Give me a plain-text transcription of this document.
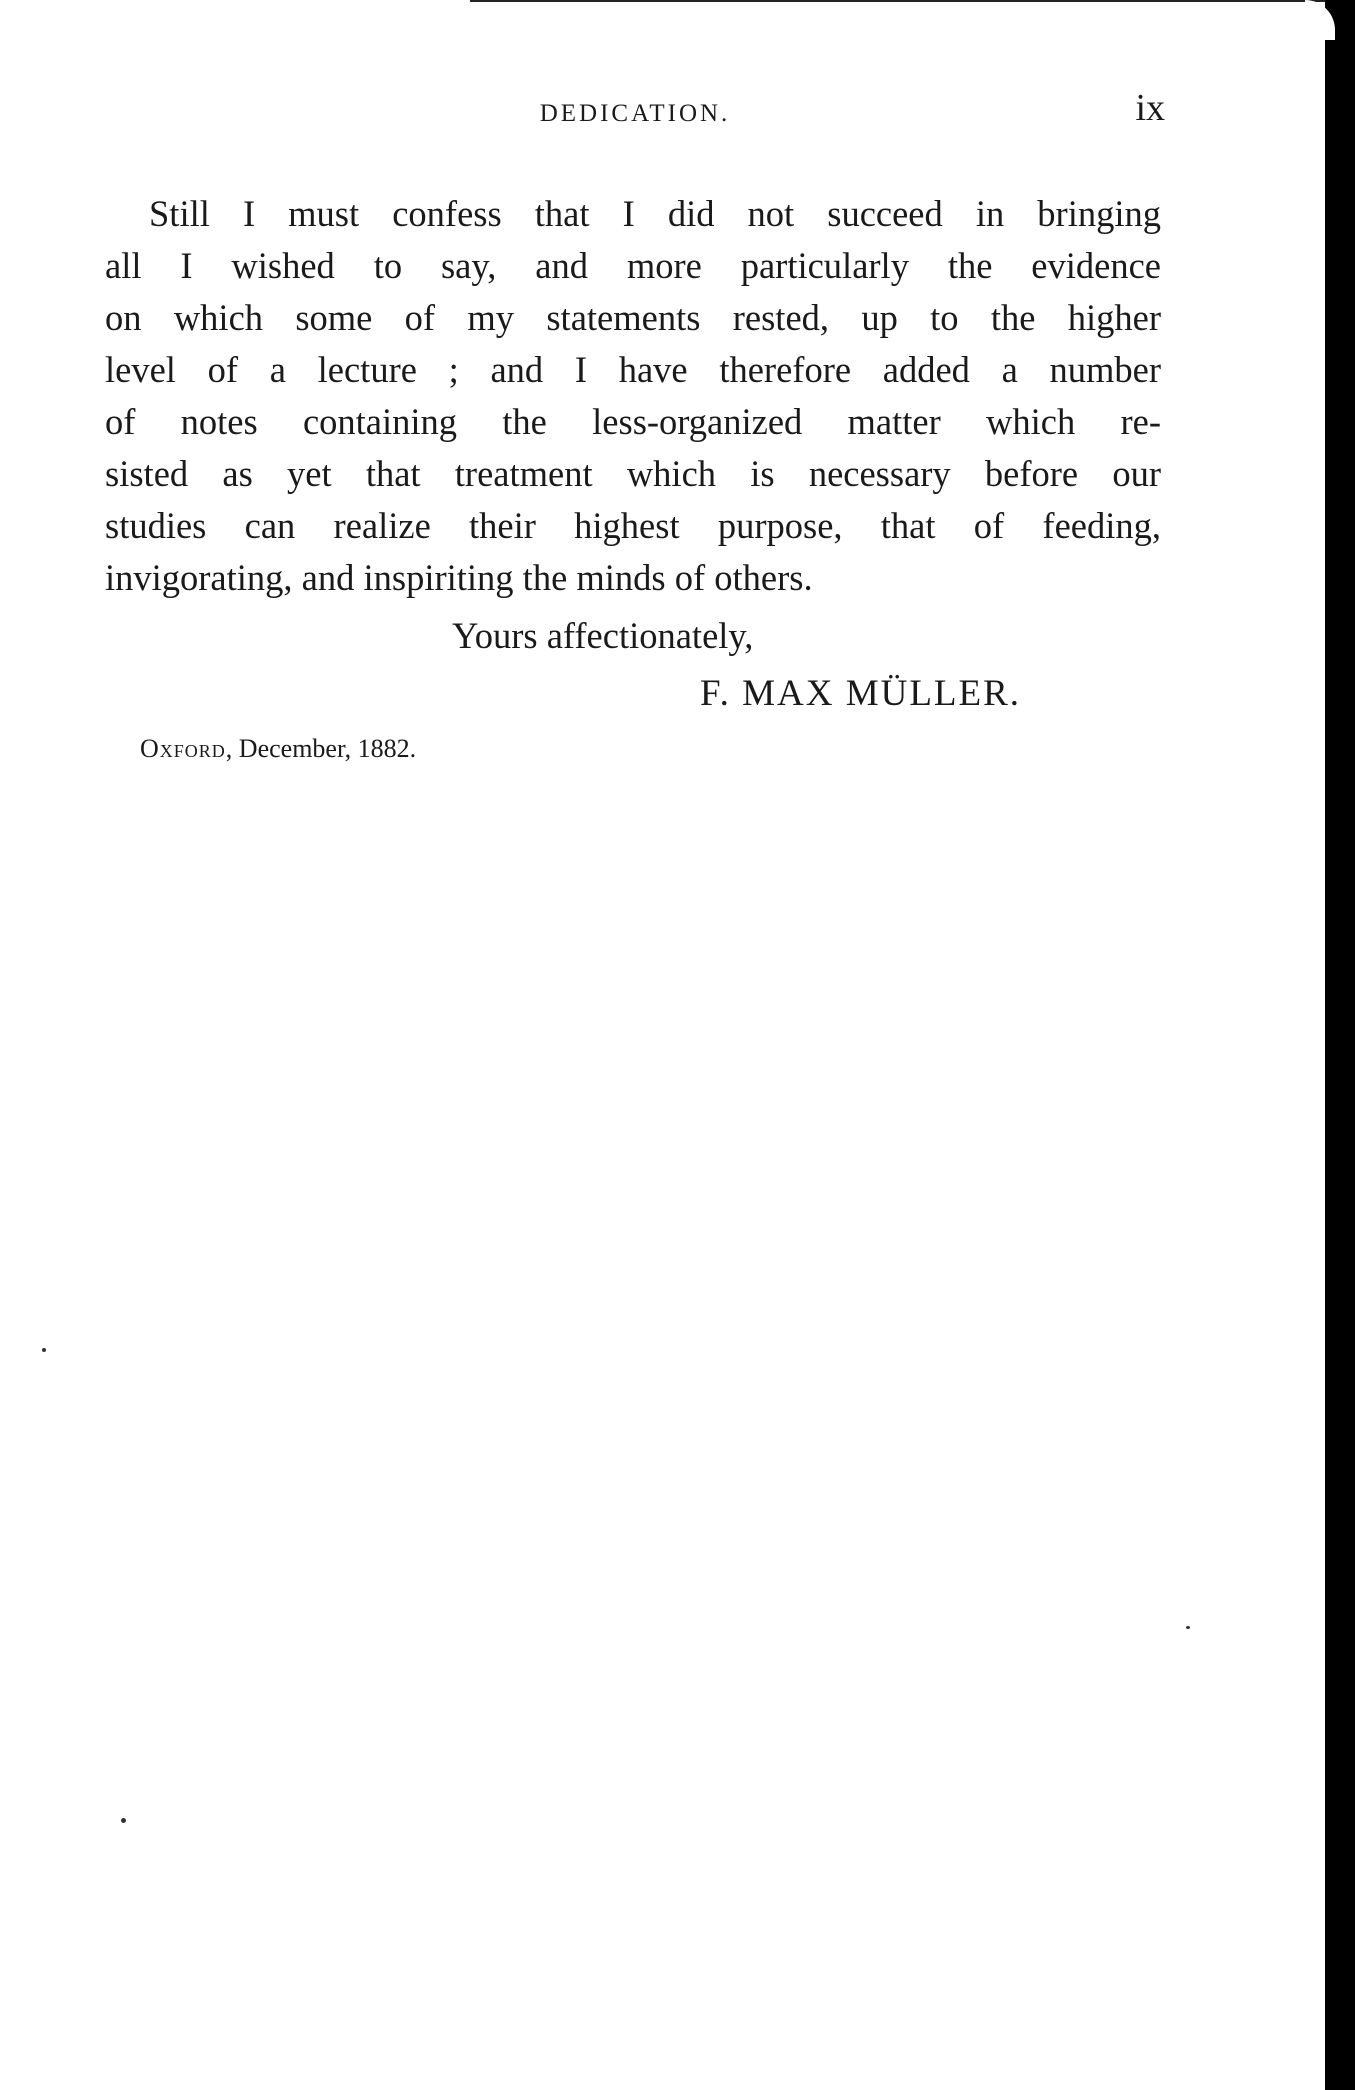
DEDICATION.	ix
Still I must confess that I did not succeed in bringing
all I wished to say, and more particularly the evidence
on which some of my statements rested, up to the higher
level of a lecture ; and I have therefore added a number
of notes containing the less-organized matter which re-
sisted as yet that treatment which is necessary before our
studies can realize their highest purpose, that of feeding,
invigorating, and inspiriting the minds of others.
Yours affectionately,
F. MAX MÜLLER.
Oxford, December, 1882.
